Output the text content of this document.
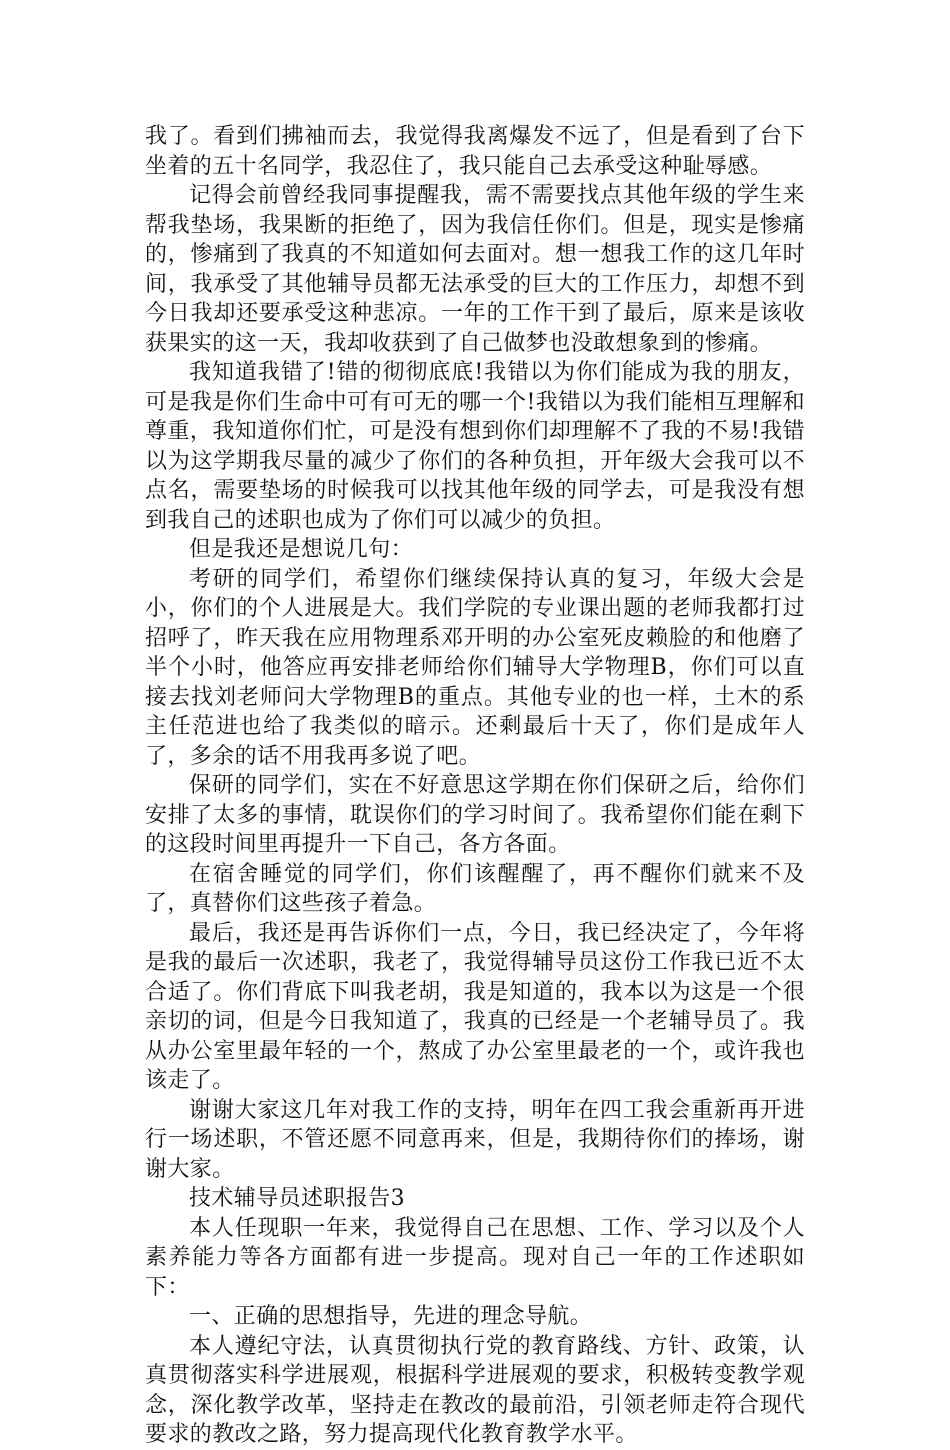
我了。看到们拂袖而去，我觉得我离爆发不远了，但是看到了台下坐着的五十名同学，我忍住了，我只能自己去承受这种耻辱感。

记得会前曾经我同事提醒我，需不需要找点其他年级的学生来帮我垫场，我果断的拒绝了，因为我信任你们。但是，现实是惨痛的，惨痛到了我真的不知道如何去面对。想一想我工作的这几年时间，我承受了其他辅导员都无法承受的巨大的工作压力，却想不到今日我却还要承受这种悲凉。一年的工作干到了最后，原来是该收获果实的这一天，我却收获到了自己做梦也没敢想象到的惨痛。

我知道我错了!错的彻彻底底!我错以为你们能成为我的朋友，可是我是你们生命中可有可无的哪一个!我错以为我们能相互理解和尊重，我知道你们忙，可是没有想到你们却理解不了我的不易!我错以为这学期我尽量的减少了你们的各种负担，开年级大会我可以不点名，需要垫场的时候我可以找其他年级的同学去，可是我没有想到我自己的述职也成为了你们可以减少的负担。

但是我还是想说几句：

考研的同学们，希望你们继续保持认真的复习，年级大会是小，你们的个人进展是大。我们学院的专业课出题的老师我都打过招呼了，昨天我在应用物理系邓开明的办公室死皮赖脸的和他磨了半个小时，他答应再安排老师给你们辅导大学物理B，你们可以直接去找刘老师问大学物理B的重点。其他专业的也一样，土木的系主任范进也给了我类似的暗示。还剩最后十天了，你们是成年人了，多余的话不用我再多说了吧。

保研的同学们，实在不好意思这学期在你们保研之后，给你们安排了太多的事情，耽误你们的学习时间了。我希望你们能在剩下的这段时间里再提升一下自己，各方各面。

在宿舍睡觉的同学们，你们该醒醒了，再不醒你们就来不及了，真替你们这些孩子着急。

最后，我还是再告诉你们一点，今日，我已经决定了，今年将是我的最后一次述职，我老了，我觉得辅导员这份工作我已近不太合适了。你们背底下叫我老胡，我是知道的，我本以为这是一个很亲切的词，但是今日我知道了，我真的已经是一个老辅导员了。我从办公室里最年轻的一个，熬成了办公室里最老的一个，或许我也该走了。

谢谢大家这几年对我工作的支持，明年在四工我会重新再开进行一场述职，不管还愿不同意再来，但是，我期待你们的捧场，谢谢大家。

技术辅导员述职报告3

本人任现职一年来，我觉得自己在思想、工作、学习以及个人素养能力等各方面都有进一步提高。现对自己一年的工作述职如下：

一、正确的思想指导，先进的理念导航。

本人遵纪守法，认真贯彻执行党的教育路线、方针、政策，认真贯彻落实科学进展观，根据科学进展观的要求，积极转变教学观念，深化教学改革，坚持走在教改的最前沿，引领老师走符合现代要求的教改之路，努力提高现代化教育教学水平。
